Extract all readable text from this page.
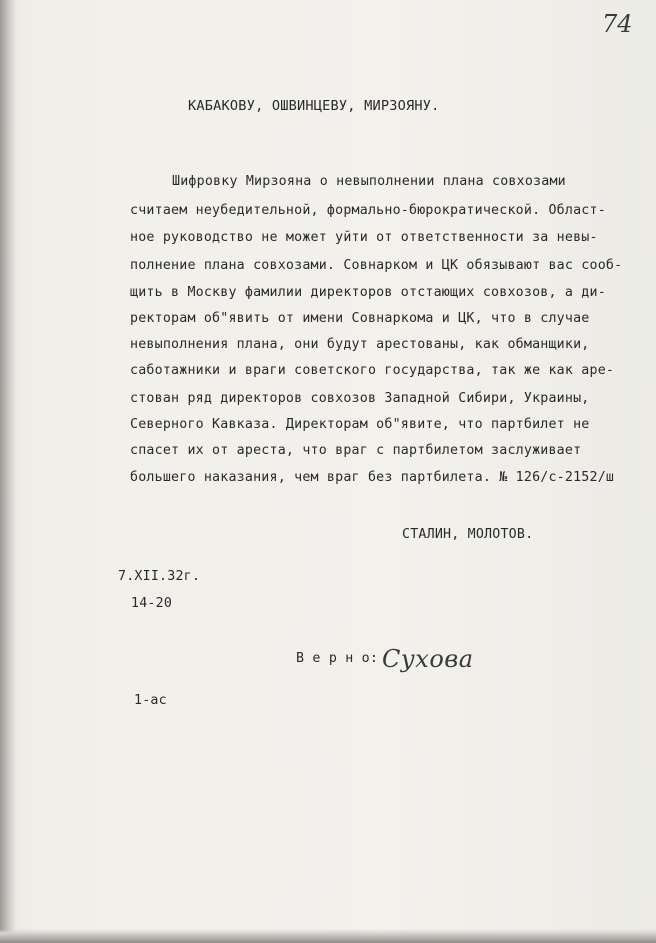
74
КАБАКОВУ, ОШВИНЦЕВУ, МИРЗОЯНУ.
Шифровку Мирзояна о невыполнении плана совхозами
считаем неубедительной, формально-бюрократической. Област-
ное руководство не может уйти от ответственности за невы-
полнение плана совхозами. Совнарком и ЦК обязывают вас сооб-
щить в Москву фамилии директоров отстающих совхозов, а ди-
ректорам об"явить от имени Совнаркома и ЦК, что в случае
невыполнения плана, они будут арестованы, как обманщики,
саботажники и враги советского государства, так же как аре-
стован ряд директоров совхозов Западной Сибири, Украины,
Северного Кавказа. Директорам об"явите, что партбилет не
спасет их от ареста, что враг с партбилетом заслуживает
большего наказания, чем враг без партбилета. № 126/с-2152/ш
СТАЛИН, МОЛОТОВ.
7.XII.32г.
14-20
В е р н о: Сухова
1-ас
